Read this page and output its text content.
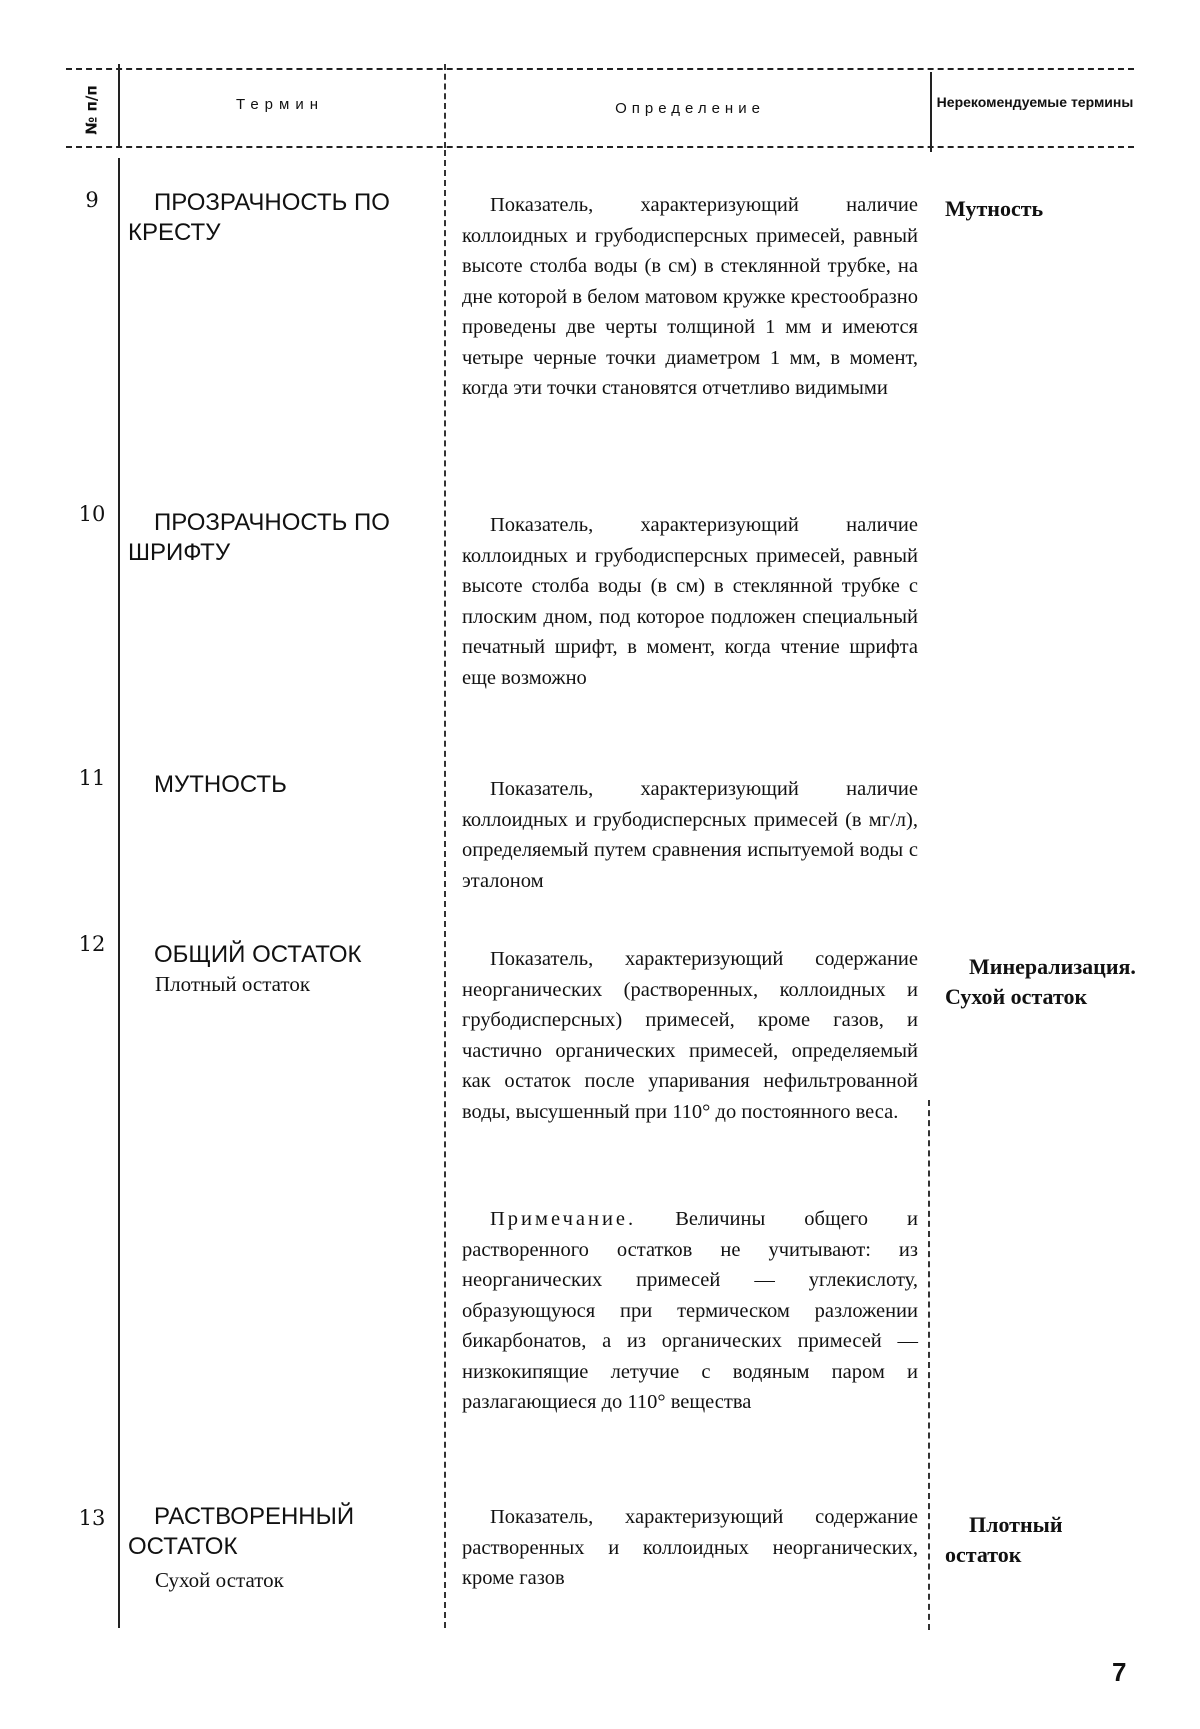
№ п/п	Термин	Определение	Нерекомендуемые термины
9	ПРОЗРАЧНОСТЬ ПО КРЕСТУ
Показатель, характеризующий наличие коллоидных и грубодисперсных примесей, равный высоте столба воды (в см) в стеклянной трубке, на дне которой в белом матовом кружке крестообразно проведены две черты толщиной 1 мм и имеются четыре черные точки диаметром 1 мм, в момент, когда эти точки становятся отчетливо видимыми
Мутность
10	ПРОЗРАЧНОСТЬ ПО ШРИФТУ
Показатель, характеризующий наличие коллоидных и грубодисперсных примесей, равный высоте столба воды (в см) в стеклянной трубке с плоским дном, под которое подложен специальный печатный шрифт, в момент, когда чтение шрифта еще возможно
11	МУТНОСТЬ	Показатель, характеризующий наличие коллоидных и грубодисперсных примесей (в мг/л), определяемый путем сравнения испытуемой воды с эталоном
12	ОБЩИЙ ОСТАТОК
Плотный остаток
Показатель, характеризующий содержание неорганических (растворенных, коллоидных и грубодисперсных) примесей, кроме газов, и частично органических примесей, определяемый как остаток после упаривания нефильтрованной воды, высушенный при 110° до постоянного веса.
Примечание. Величины общего и растворенного остатков не учитывают: из неорганических примесей — углекислоту, образующуюся при термическом разложении бикарбонатов, а из органических примесей — низкокипящие летучие с водяным паром и разлагающиеся до 110° вещества
Минерализация. Сухой остаток
13	РАСТВОРЕННЫЙ ОСТАТОК
Сухой остаток
Показатель, характеризующий содержание растворенных и коллоидных неорганических, кроме газов
Плотный остаток
7
